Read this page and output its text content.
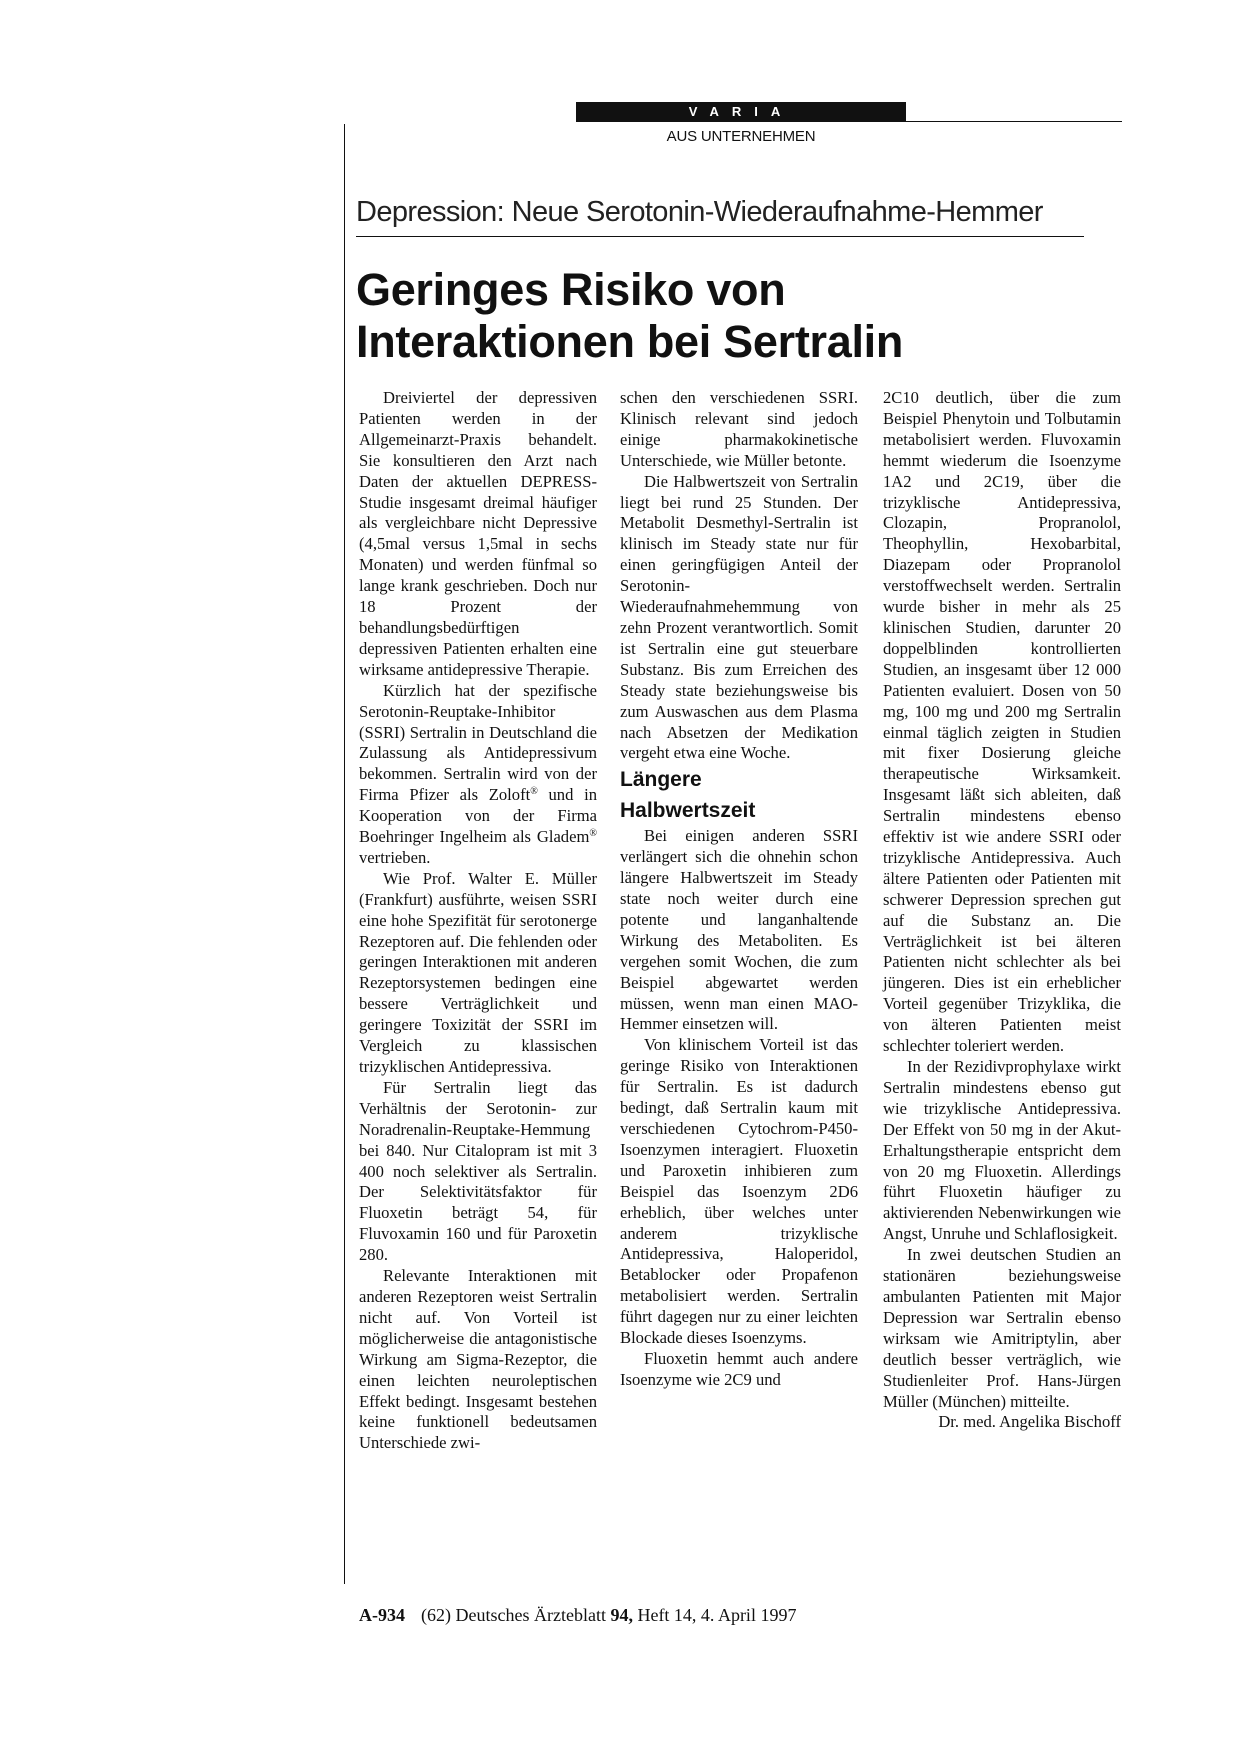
VARIA
AUS UNTERNEHMEN
Depression: Neue Serotonin-Wiederaufnahme-Hemmer
Geringes Risiko von
Interaktionen bei Sertralin

Dreiviertel der depressiven Patienten werden in der Allgemeinarzt-Praxis behandelt. Sie konsultieren den Arzt nach Daten der aktuellen DEPRESS-Studie insgesamt dreimal häufiger als vergleichbare nicht Depressive (4,5mal versus 1,5mal in sechs Monaten) und werden fünfmal so lange krank geschrieben. Doch nur 18 Prozent der behandlungsbedürftigen depressiven Patienten erhalten eine wirksame antidepressive Therapie.

Kürzlich hat der spezifische Serotonin-Reuptake-Inhibitor (SSRI) Sertralin in Deutschland die Zulassung als Antidepressivum bekommen. Sertralin wird von der Firma Pfizer als Zoloft® und in Kooperation von der Firma Boehringer Ingelheim als Gladem® vertrieben.

Wie Prof. Walter E. Müller (Frankfurt) ausführte, weisen SSRI eine hohe Spezifität für serotonerge Rezeptoren auf. Die fehlenden oder geringen Interaktionen mit anderen Rezeptorsystemen bedingen eine bessere Verträglichkeit und geringere Toxizität der SSRI im Vergleich zu klassischen trizyklischen Antidepressiva.

Für Sertralin liegt das Verhältnis der Serotonin- zur Noradrenalin-Reuptake-Hemmung bei 840. Nur Citalopram ist mit 3 400 noch selektiver als Sertralin. Der Selektivitätsfaktor für Fluoxetin beträgt 54, für Fluvoxamin 160 und für Paroxetin 280.

Relevante Interaktionen mit anderen Rezeptoren weist Sertralin nicht auf. Von Vorteil ist möglicherweise die antagonistische Wirkung am Sigma-Rezeptor, die einen leichten neuroleptischen Effekt bedingt. Insgesamt bestehen keine funktionell bedeutsamen Unterschiede zwi-

schen den verschiedenen SSRI. Klinisch relevant sind jedoch einige pharmakokinetische Unterschiede, wie Müller betonte.

Die Halbwertszeit von Sertralin liegt bei rund 25 Stunden. Der Metabolit Desmethyl-Sertralin ist klinisch im Steady state nur für einen geringfügigen Anteil der Serotonin-Wiederaufnahmehemmung von zehn Prozent verantwortlich. Somit ist Sertralin eine gut steuerbare Substanz. Bis zum Erreichen des Steady state beziehungsweise bis zum Auswaschen aus dem Plasma nach Absetzen der Medikation vergeht etwa eine Woche.

Längere
Halbwertszeit

Bei einigen anderen SSRI verlängert sich die ohnehin schon längere Halbwertszeit im Steady state noch weiter durch eine potente und langanhaltende Wirkung des Metaboliten. Es vergehen somit Wochen, die zum Beispiel abgewartet werden müssen, wenn man einen MAO-Hemmer einsetzen will.

Von klinischem Vorteil ist das geringe Risiko von Interaktionen für Sertralin. Es ist dadurch bedingt, daß Sertralin kaum mit verschiedenen Cytochrom-P450-Isoenzymen interagiert. Fluoxetin und Paroxetin inhibieren zum Beispiel das Isoenzym 2D6 erheblich, über welches unter anderem trizyklische Antidepressiva, Haloperidol, Betablocker oder Propafenon metabolisiert werden. Sertralin führt dagegen nur zu einer leichten Blockade dieses Isoenzyms.

Fluoxetin hemmt auch andere Isoenzyme wie 2C9 und

2C10 deutlich, über die zum Beispiel Phenytoin und Tolbutamin metabolisiert werden. Fluvoxamin hemmt wiederum die Isoenzyme 1A2 und 2C19, über die trizyklische Antidepressiva, Clozapin, Propranolol, Theophyllin, Hexobarbital, Diazepam oder Propranolol verstoffwechselt werden. Sertralin wurde bisher in mehr als 25 klinischen Studien, darunter 20 doppelblinden kontrollierten Studien, an insgesamt über 12 000 Patienten evaluiert. Dosen von 50 mg, 100 mg und 200 mg Sertralin einmal täglich zeigten in Studien mit fixer Dosierung gleiche therapeutische Wirksamkeit. Insgesamt läßt sich ableiten, daß Sertralin mindestens ebenso effektiv ist wie andere SSRI oder trizyklische Antidepressiva. Auch ältere Patienten oder Patienten mit schwerer Depression sprechen gut auf die Substanz an. Die Verträglichkeit ist bei älteren Patienten nicht schlechter als bei jüngeren. Dies ist ein erheblicher Vorteil gegenüber Trizyklika, die von älteren Patienten meist schlechter toleriert werden.

In der Rezidivprophylaxe wirkt Sertralin mindestens ebenso gut wie trizyklische Antidepressiva. Der Effekt von 50 mg in der Akut-Erhaltungstherapie entspricht dem von 20 mg Fluoxetin. Allerdings führt Fluoxetin häufiger zu aktivierenden Nebenwirkungen wie Angst, Unruhe und Schlaflosigkeit.

In zwei deutschen Studien an stationären beziehungsweise ambulanten Patienten mit Major Depression war Sertralin ebenso wirksam wie Amitriptylin, aber deutlich besser verträglich, wie Studienleiter Prof. Hans-Jürgen Müller (München) mitteilte.

Dr. med. Angelika Bischoff

A-934 (62) Deutsches Ärzteblatt 94, Heft 14, 4. April 1997
